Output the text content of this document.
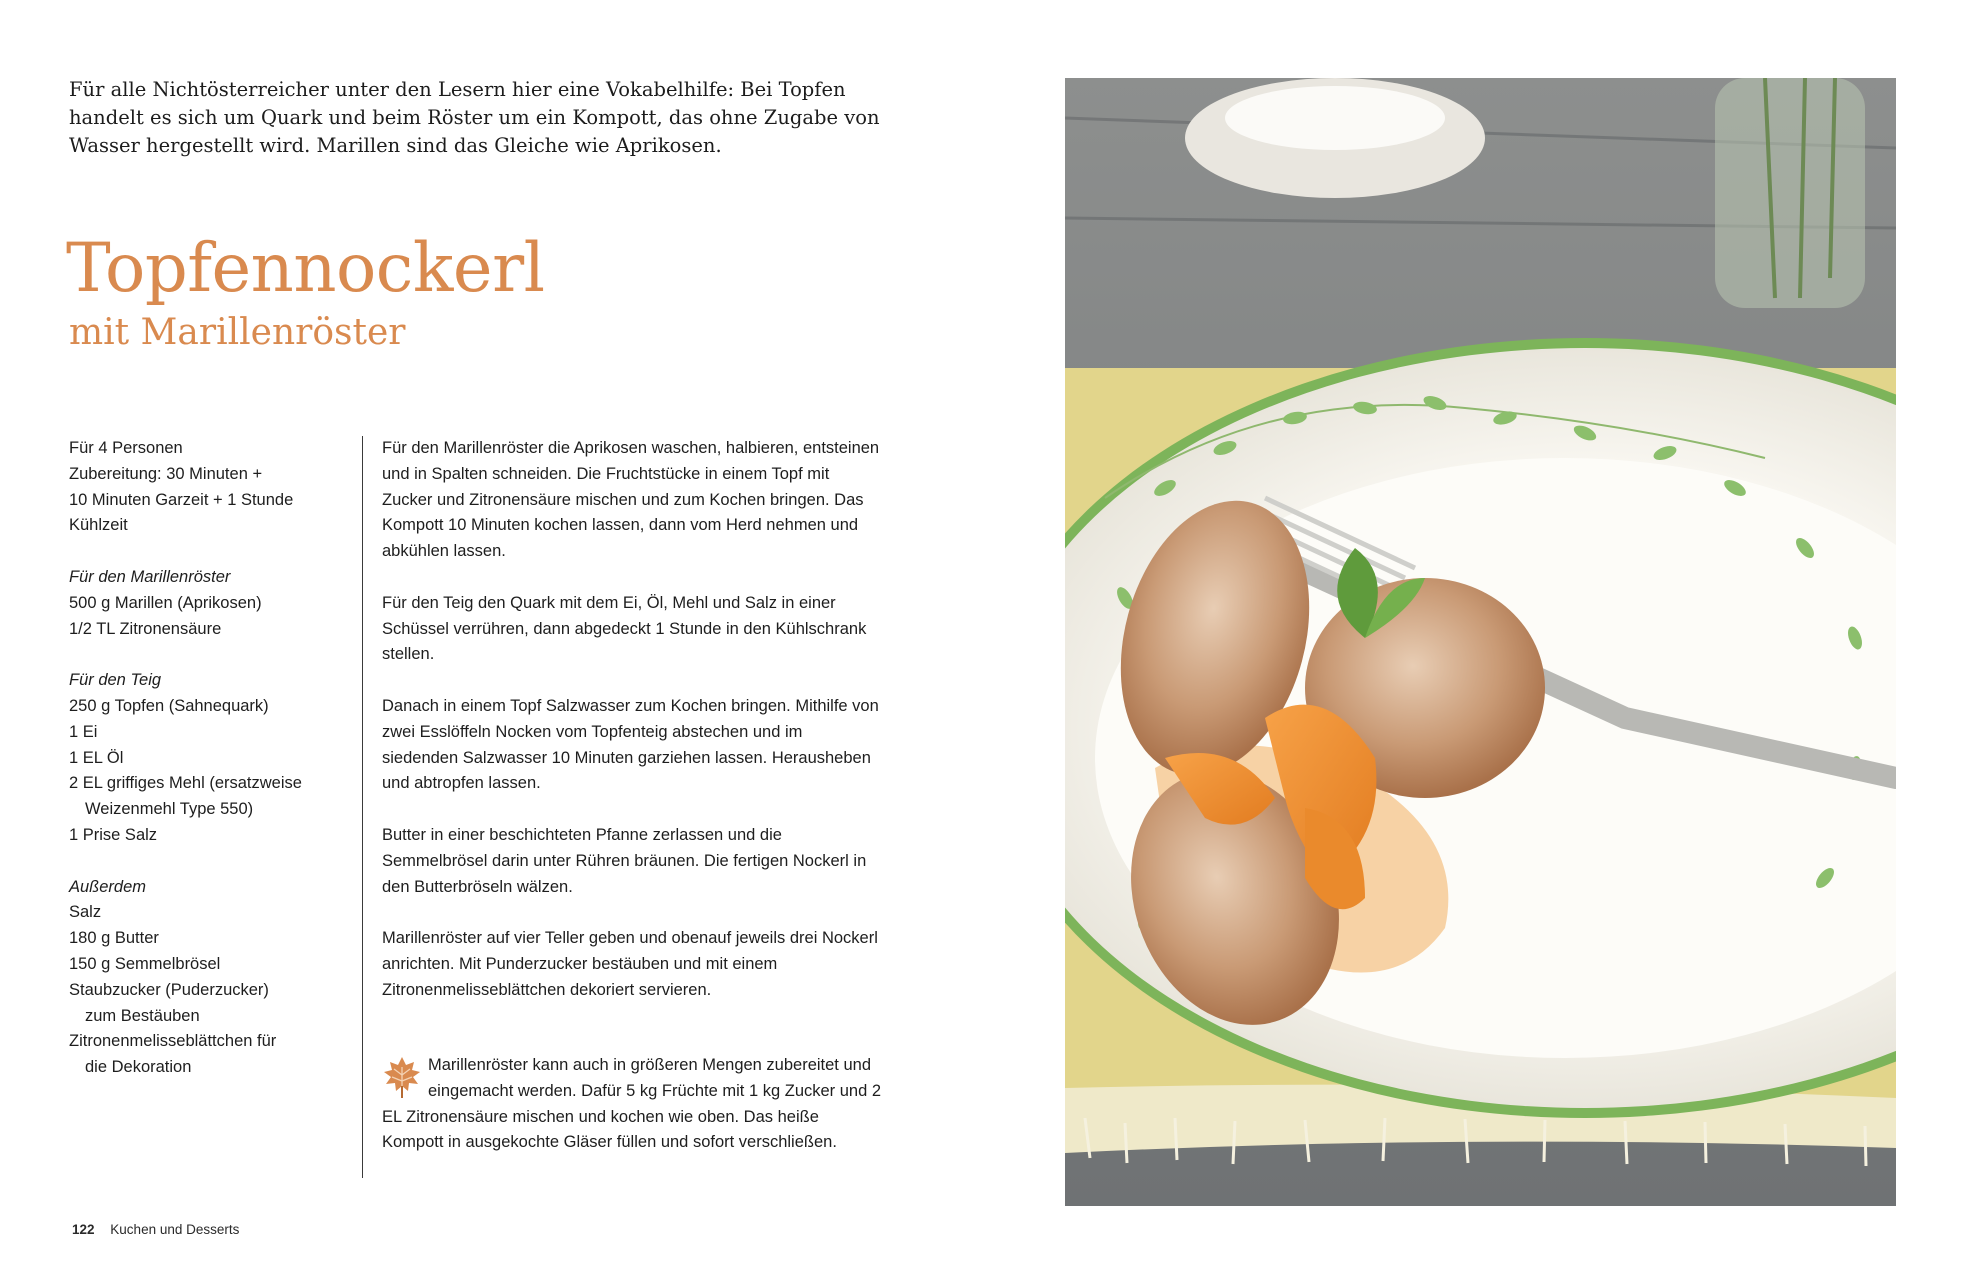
Für alle Nichtösterreicher unter den Lesern hier eine Vokabelhilfe: Bei Topfen handelt es sich um Quark und beim Röster um ein Kompott, das ohne Zugabe von Wasser hergestellt wird. Marillen sind das Gleiche wie Aprikosen.

Topfennockerl
mit Marillenröster

Für 4 Personen

Zubereitung: 30 Minuten +

10 Minuten Garzeit + 1 Stunde

Kühlzeit

Für den Marillenröster

500 g Marillen (Aprikosen)

1/2 TL Zitronensäure

Für den Teig

250 g Topfen (Sahnequark)

1 Ei

1 EL Öl

2 EL griffiges Mehl (ersatzweise

Weizenmehl Type 550)

1 Prise Salz

Außerdem

Salz

180 g Butter

150 g Semmelbrösel

Staubzucker (Puderzucker)

zum Bestäuben

Zitronenmelisseblättchen für

die Dekoration

Für den Marillenröster die Aprikosen waschen, halbieren, entsteinen und in Spalten schneiden. Die Fruchtstücke in einem Topf mit Zucker und Zitronensäure mischen und zum Kochen bringen. Das Kompott 10 Minuten kochen lassen, dann vom Herd nehmen und abkühlen lassen.

Für den Teig den Quark mit dem Ei, Öl, Mehl und Salz in einer Schüssel verrühren, dann abgedeckt 1 Stunde in den Kühlschrank stellen.

Danach in einem Topf Salzwasser zum Kochen bringen. Mithilfe von zwei Esslöffeln Nocken vom Topfenteig abstechen und im siedenden Salzwasser 10 Minuten garziehen lassen. Herausheben und abtropfen lassen.

Butter in einer beschichteten Pfanne zerlassen und die Semmelbrösel darin unter Rühren bräunen. Die fertigen Nockerl in den Butterbröseln wälzen.

Marillenröster auf vier Teller geben und obenauf jeweils drei Nockerl anrichten. Mit Punderzucker bestäuben und mit einem Zitronenmelisseblättchen dekoriert servieren.

Marillenröster kann auch in größeren Mengen zubereitet und eingemacht werden. Dafür 5 kg Früchte mit 1 kg Zucker und 2 EL Zitronensäure mischen und kochen wie oben. Das heiße Kompott in ausgekochte Gläser füllen und sofort verschließen.

122 Kuchen und Desserts
